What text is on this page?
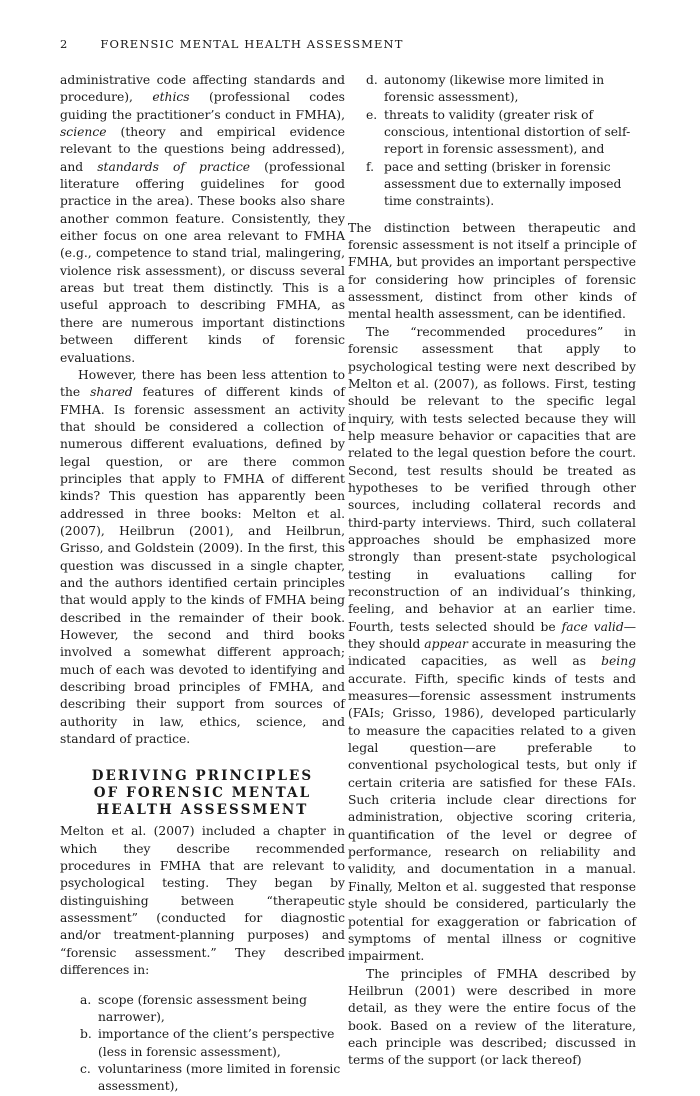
2	FORENSIC MENTAL HEALTH ASSESSMENT

administrative code affecting standards and procedure), ethics (professional codes guiding the practitioner’s conduct in FMHA), science (theory and empirical evidence relevant to the questions being addressed), and standards of practice (professional literature offering guidelines for good practice in the area). These books also share another common feature. Consistently, they either focus on one area relevant to FMHA (e.g., competence to stand trial, malingering, violence risk assessment), or discuss several areas but treat them distinctly. This is a useful approach to describing FMHA, as there are numerous important distinctions between different kinds of forensic evaluations.

However, there has been less attention to the shared features of different kinds of FMHA. Is forensic assessment an activity that should be considered a collection of numerous different evaluations, defined by legal question, or are there common principles that apply to FMHA of different kinds? This question has apparently been addressed in three books: Melton et al. (2007), Heilbrun (2001), and Heilbrun, Grisso, and Goldstein (2009). In the first, this question was discussed in a single chapter, and the authors identified certain principles that would apply to the kinds of FMHA being described in the remainder of their book. However, the second and third books involved a somewhat different approach; much of each was devoted to identifying and describing broad principles of FMHA, and describing their support from sources of authority in law, ethics, science, and standard of practice.

DERIVING PRINCIPLES
OF FORENSIC MENTAL
HEALTH ASSESSMENT

Melton et al. (2007) included a chapter in which they describe recommended procedures in FMHA that are relevant to psychological testing. They began by distinguishing between “therapeutic assessment” (conducted for diagnostic and/or treatment-planning purposes) and “forensic assessment.” They described differences in:

a. scope (forensic assessment being narrower),
b. importance of the client’s perspective (less in forensic assessment),
c. voluntariness (more limited in forensic assessment),
d. autonomy (likewise more limited in forensic assessment),
e. threats to validity (greater risk of conscious, intentional distortion of self-report in forensic assessment), and
f. pace and setting (brisker in forensic assessment due to externally imposed time constraints).

The distinction between therapeutic and forensic assessment is not itself a principle of FMHA, but provides an important perspective for considering how principles of forensic assessment, distinct from other kinds of mental health assessment, can be identified.

The “recommended procedures” in forensic assessment that apply to psychological testing were next described by Melton et al. (2007), as follows. First, testing should be relevant to the specific legal inquiry, with tests selected because they will help measure behavior or capacities that are related to the legal question before the court. Second, test results should be treated as hypotheses to be verified through other sources, including collateral records and third-party interviews. Third, such collateral approaches should be emphasized more strongly than present-state psychological testing in evaluations calling for reconstruction of an individual’s thinking, feeling, and behavior at an earlier time. Fourth, tests selected should be face valid—they should appear accurate in measuring the indicated capacities, as well as being accurate. Fifth, specific kinds of tests and measures—forensic assessment instruments (FAIs; Grisso, 1986), developed particularly to measure the capacities related to a given legal question—are preferable to conventional psychological tests, but only if certain criteria are satisfied for these FAIs. Such criteria include clear directions for administration, objective scoring criteria, quantification of the level or degree of performance, research on reliability and validity, and documentation in a manual. Finally, Melton et al. suggested that response style should be considered, particularly the potential for exaggeration or fabrication of symptoms of mental illness or cognitive impairment.

The principles of FMHA described by Heilbrun (2001) were described in more detail, as they were the entire focus of the book. Based on a review of the literature, each principle was described; discussed in terms of the support (or lack thereof)
